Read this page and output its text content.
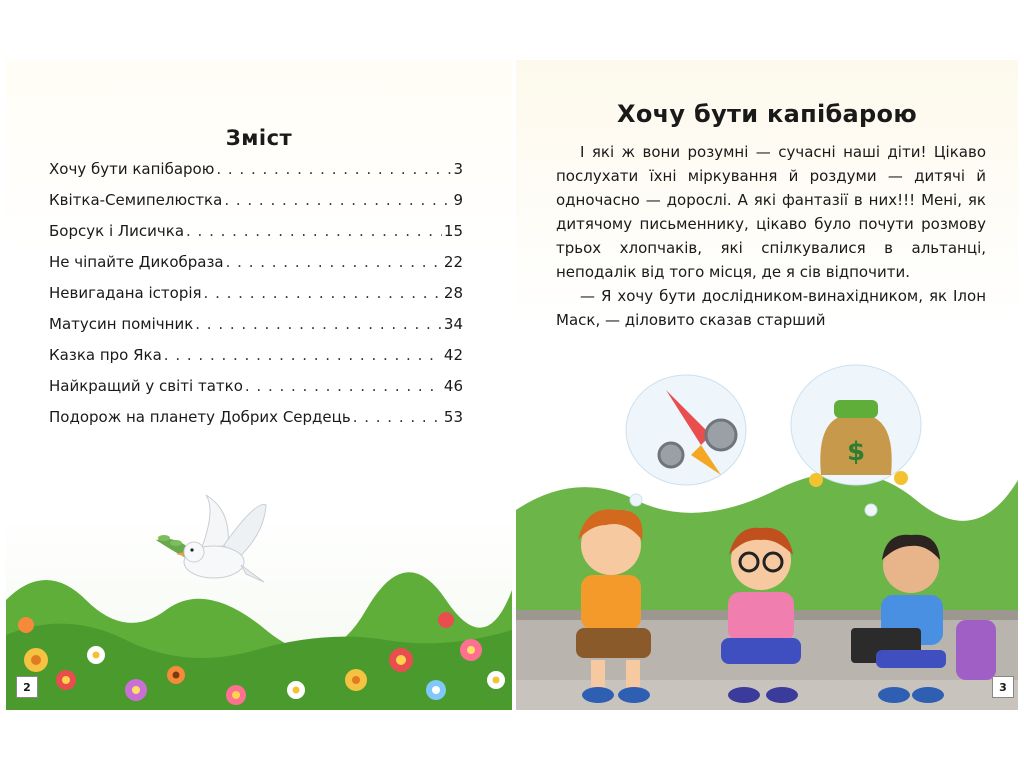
Зміст
Хочу бути капібарою . . .	3
Квітка-Семипелюстка . . .	9
Борсук і Лисичка . . .	15
Не чіпайте Дикобраза . . .	22
Невигадана історія . . .	28
Матусин помічник . . .	34
Казка про Яка . . .	42
Найкращий у світі татко . . .	46
Подорож на планету Добрих Сердець . . .	53
2
Хочу бути капібарою

І які ж вони розумні — сучасні наші діти! Цікаво послухати їхні міркування й роздуми — дитячі й одночасно — дорослі. А які фантазії в них!!! Мені, як дитячому письменнику, цікаво було почути розмову трьох хлопчаків, які спілкувалися в альтанці, неподалік від того місця, де я сів відпочити.

— Я хочу бути дослідником-винахідником, як Ілон Маск, — діловито сказав старший

$
3
